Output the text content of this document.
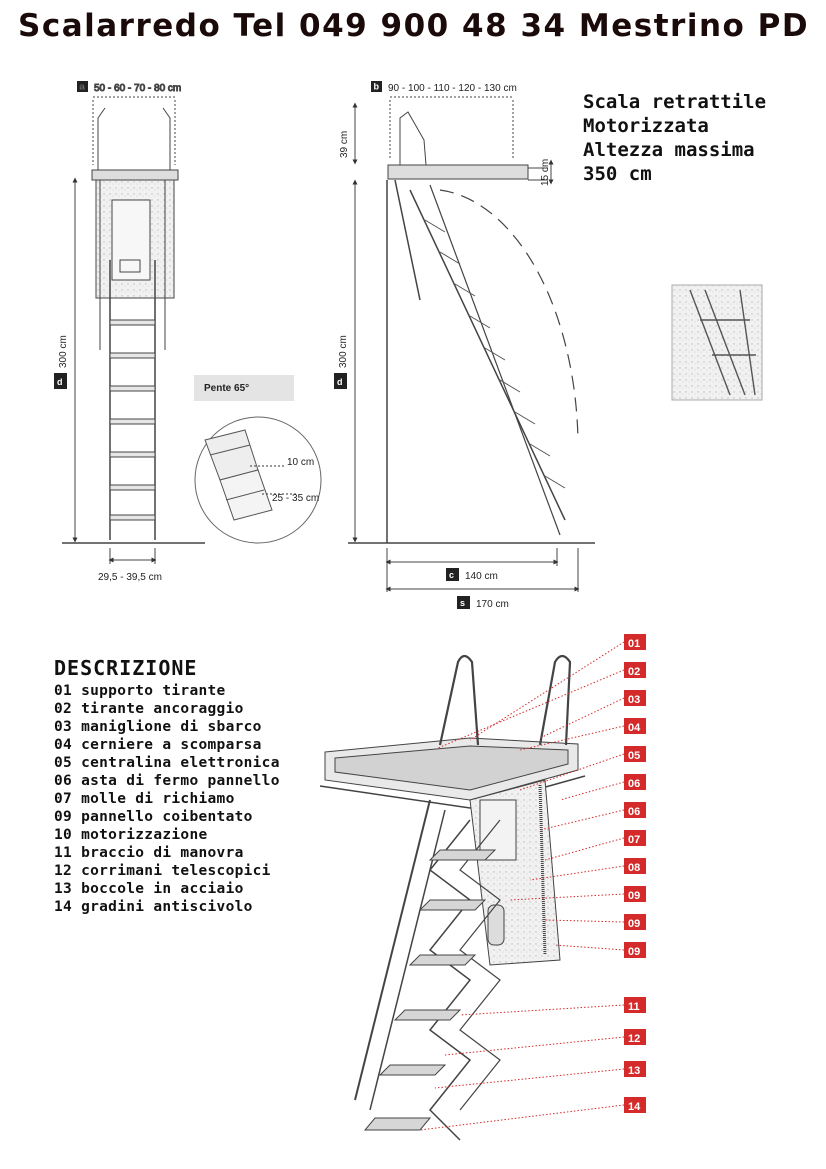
Scalarredo Tel 049 900 48 34 Mestrino PD
Scala retrattile
Motorizzata
Altezza massima
350 cm
DESCRIZIONE
01 supporto tirante
02 tirante ancoraggio
03 maniglione di sbarco
04 cerniere a scomparsa
05 centralina elettronica
06 asta di fermo pannello
07 molle di richiamo
09 pannello coibentato
10 motorizzazione
11 braccio di manovra
12 corrimani telescopici
13 boccole in acciaio
14 gradini antiscivolo
a 50 - 60 - 70 - 80 cm
d
300 cm
29,5 - 39,5 cm
Pente 65°
10 cm
25 - 35 cm
b 90 - 100 - 110 - 120 - 130 cm
39 cm
15 cm
d
300 cm
c 140 cm
s 170 cm
01
02
03
04
05
06
06
07
08
09
09
09
11
12
13
14
